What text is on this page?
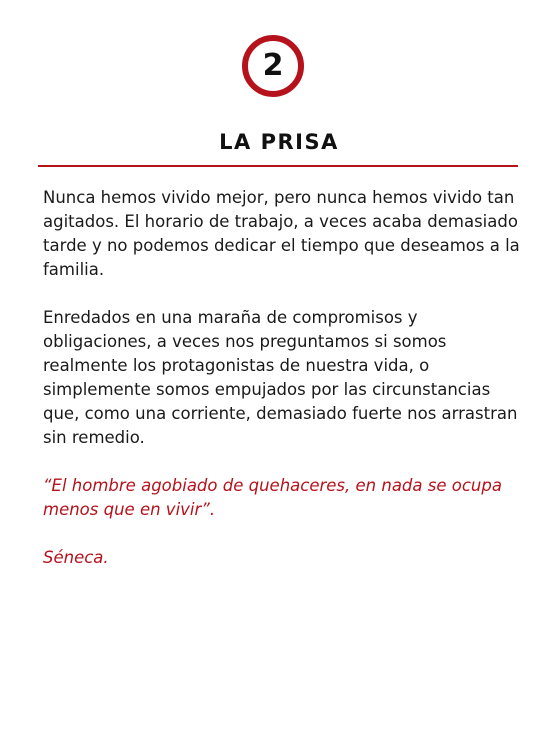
2
LA PRISA

Nunca hemos vivido mejor, pero nunca hemos vivido tan agitados. El horario de trabajo, a veces acaba demasiado tarde y no podemos dedicar el tiempo que deseamos a la familia.

Enredados en una maraña de compromisos y obligaciones, a veces nos preguntamos si somos realmente los protagonistas de nuestra vida, o simplemente somos empujados por las circunstancias que, como una corriente, demasiado fuerte nos arrastran sin remedio.

“El hombre agobiado de quehaceres, en nada se ocupa menos que en vivir”.

Séneca.
